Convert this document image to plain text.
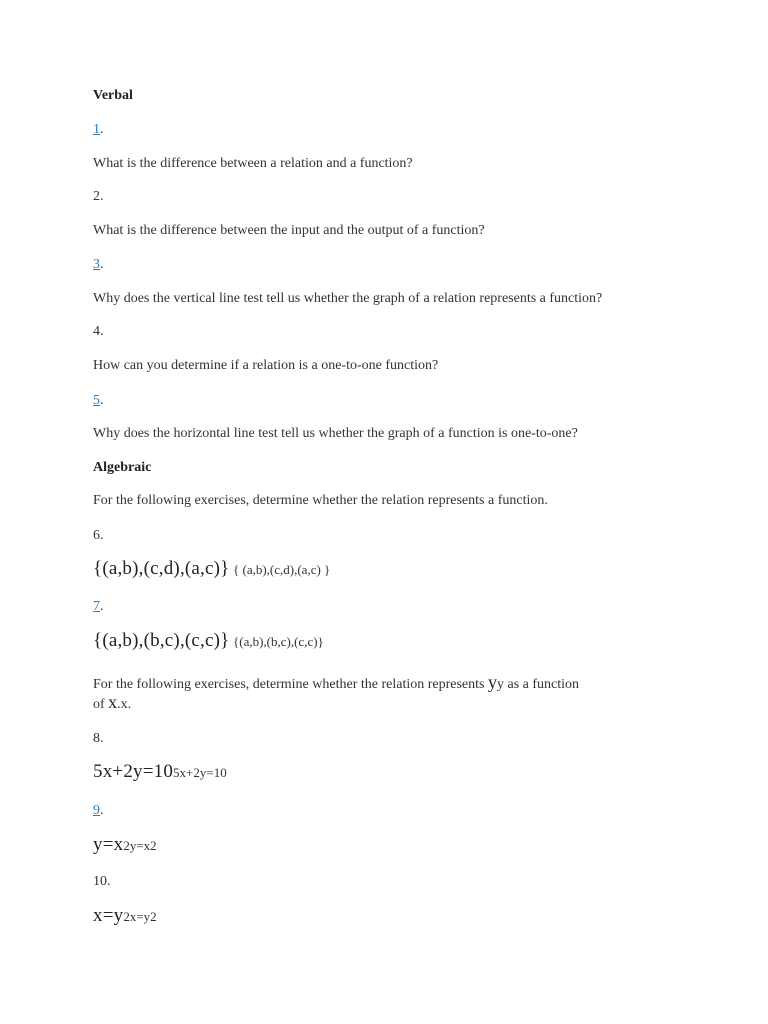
Verbal
1.
What is the difference between a relation and a function?
2.
What is the difference between the input and the output of a function?
3.
Why does the vertical line test tell us whether the graph of a relation represents a function?
4.
How can you determine if a relation is a one-to-one function?
5.
Why does the horizontal line test tell us whether the graph of a function is one-to-one?
Algebraic
For the following exercises, determine whether the relation represents a function.
6.
{(a,b),(c,d),(a,c)} { (a,b),(c,d),(a,c) }
7.
{(a,b),(b,c),(c,c)} {(a,b),(b,c),(c,c)}
For the following exercises, determine whether the relation represents yy as a function
of x.x.
8.
5x+2y=105x+2y=10
9.
y=x2y=x2
10.
x=y2x=y2
